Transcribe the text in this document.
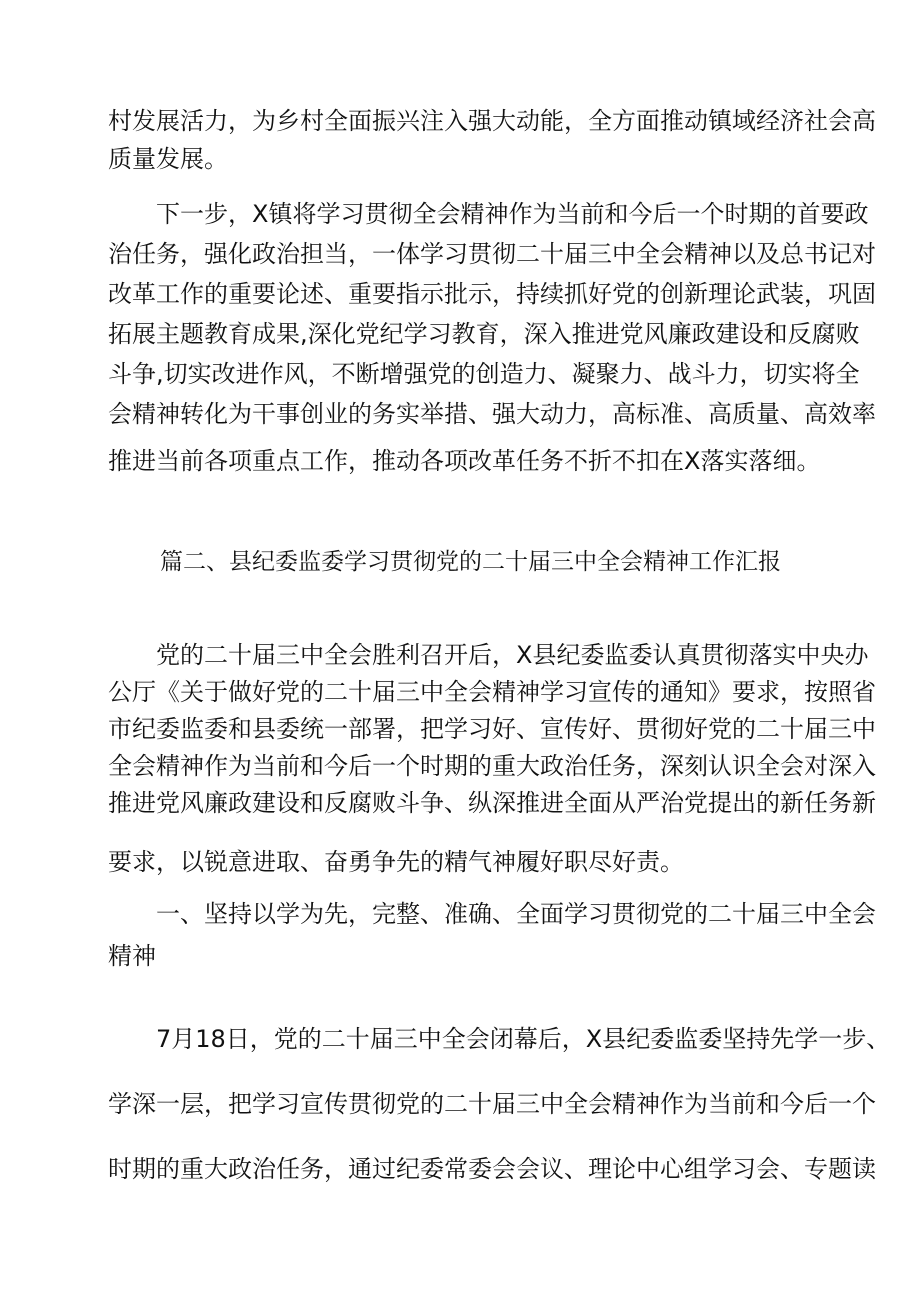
村发展活力，为乡村全面振兴注入强大动能，全方面推动镇域经济社会高
质量发展。
下一步，X镇将学习贯彻全会精神作为当前和今后一个时期的首要政
治任务，强化政治担当，一体学习贯彻二十届三中全会精神以及总书记对
改革工作的重要论述、重要指示批示，持续抓好党的创新理论武装，巩固
拓展主题教育成果,深化党纪学习教育，深入推进党风廉政建设和反腐败
斗争,切实改进作风，不断增强党的创造力、凝聚力、战斗力，切实将全
会精神转化为干事创业的务实举措、强大动力，高标准、高质量、高效率
推进当前各项重点工作，推动各项改革任务不折不扣在X落实落细。
篇二、县纪委监委学习贯彻党的二十届三中全会精神工作汇报
党的二十届三中全会胜利召开后，X县纪委监委认真贯彻落实中央办
公厅《关于做好党的二十届三中全会精神学习宣传的通知》要求，按照省
市纪委监委和县委统一部署，把学习好、宣传好、贯彻好党的二十届三中
全会精神作为当前和今后一个时期的重大政治任务，深刻认识全会对深入
推进党风廉政建设和反腐败斗争、纵深推进全面从严治党提出的新任务新
要求，以锐意进取、奋勇争先的精气神履好职尽好责。
一、坚持以学为先，完整、准确、全面学习贯彻党的二十届三中全会
精神
7月18日，党的二十届三中全会闭幕后，X县纪委监委坚持先学一步、
学深一层，把学习宣传贯彻党的二十届三中全会精神作为当前和今后一个
时期的重大政治任务，通过纪委常委会会议、理论中心组学习会、专题读
